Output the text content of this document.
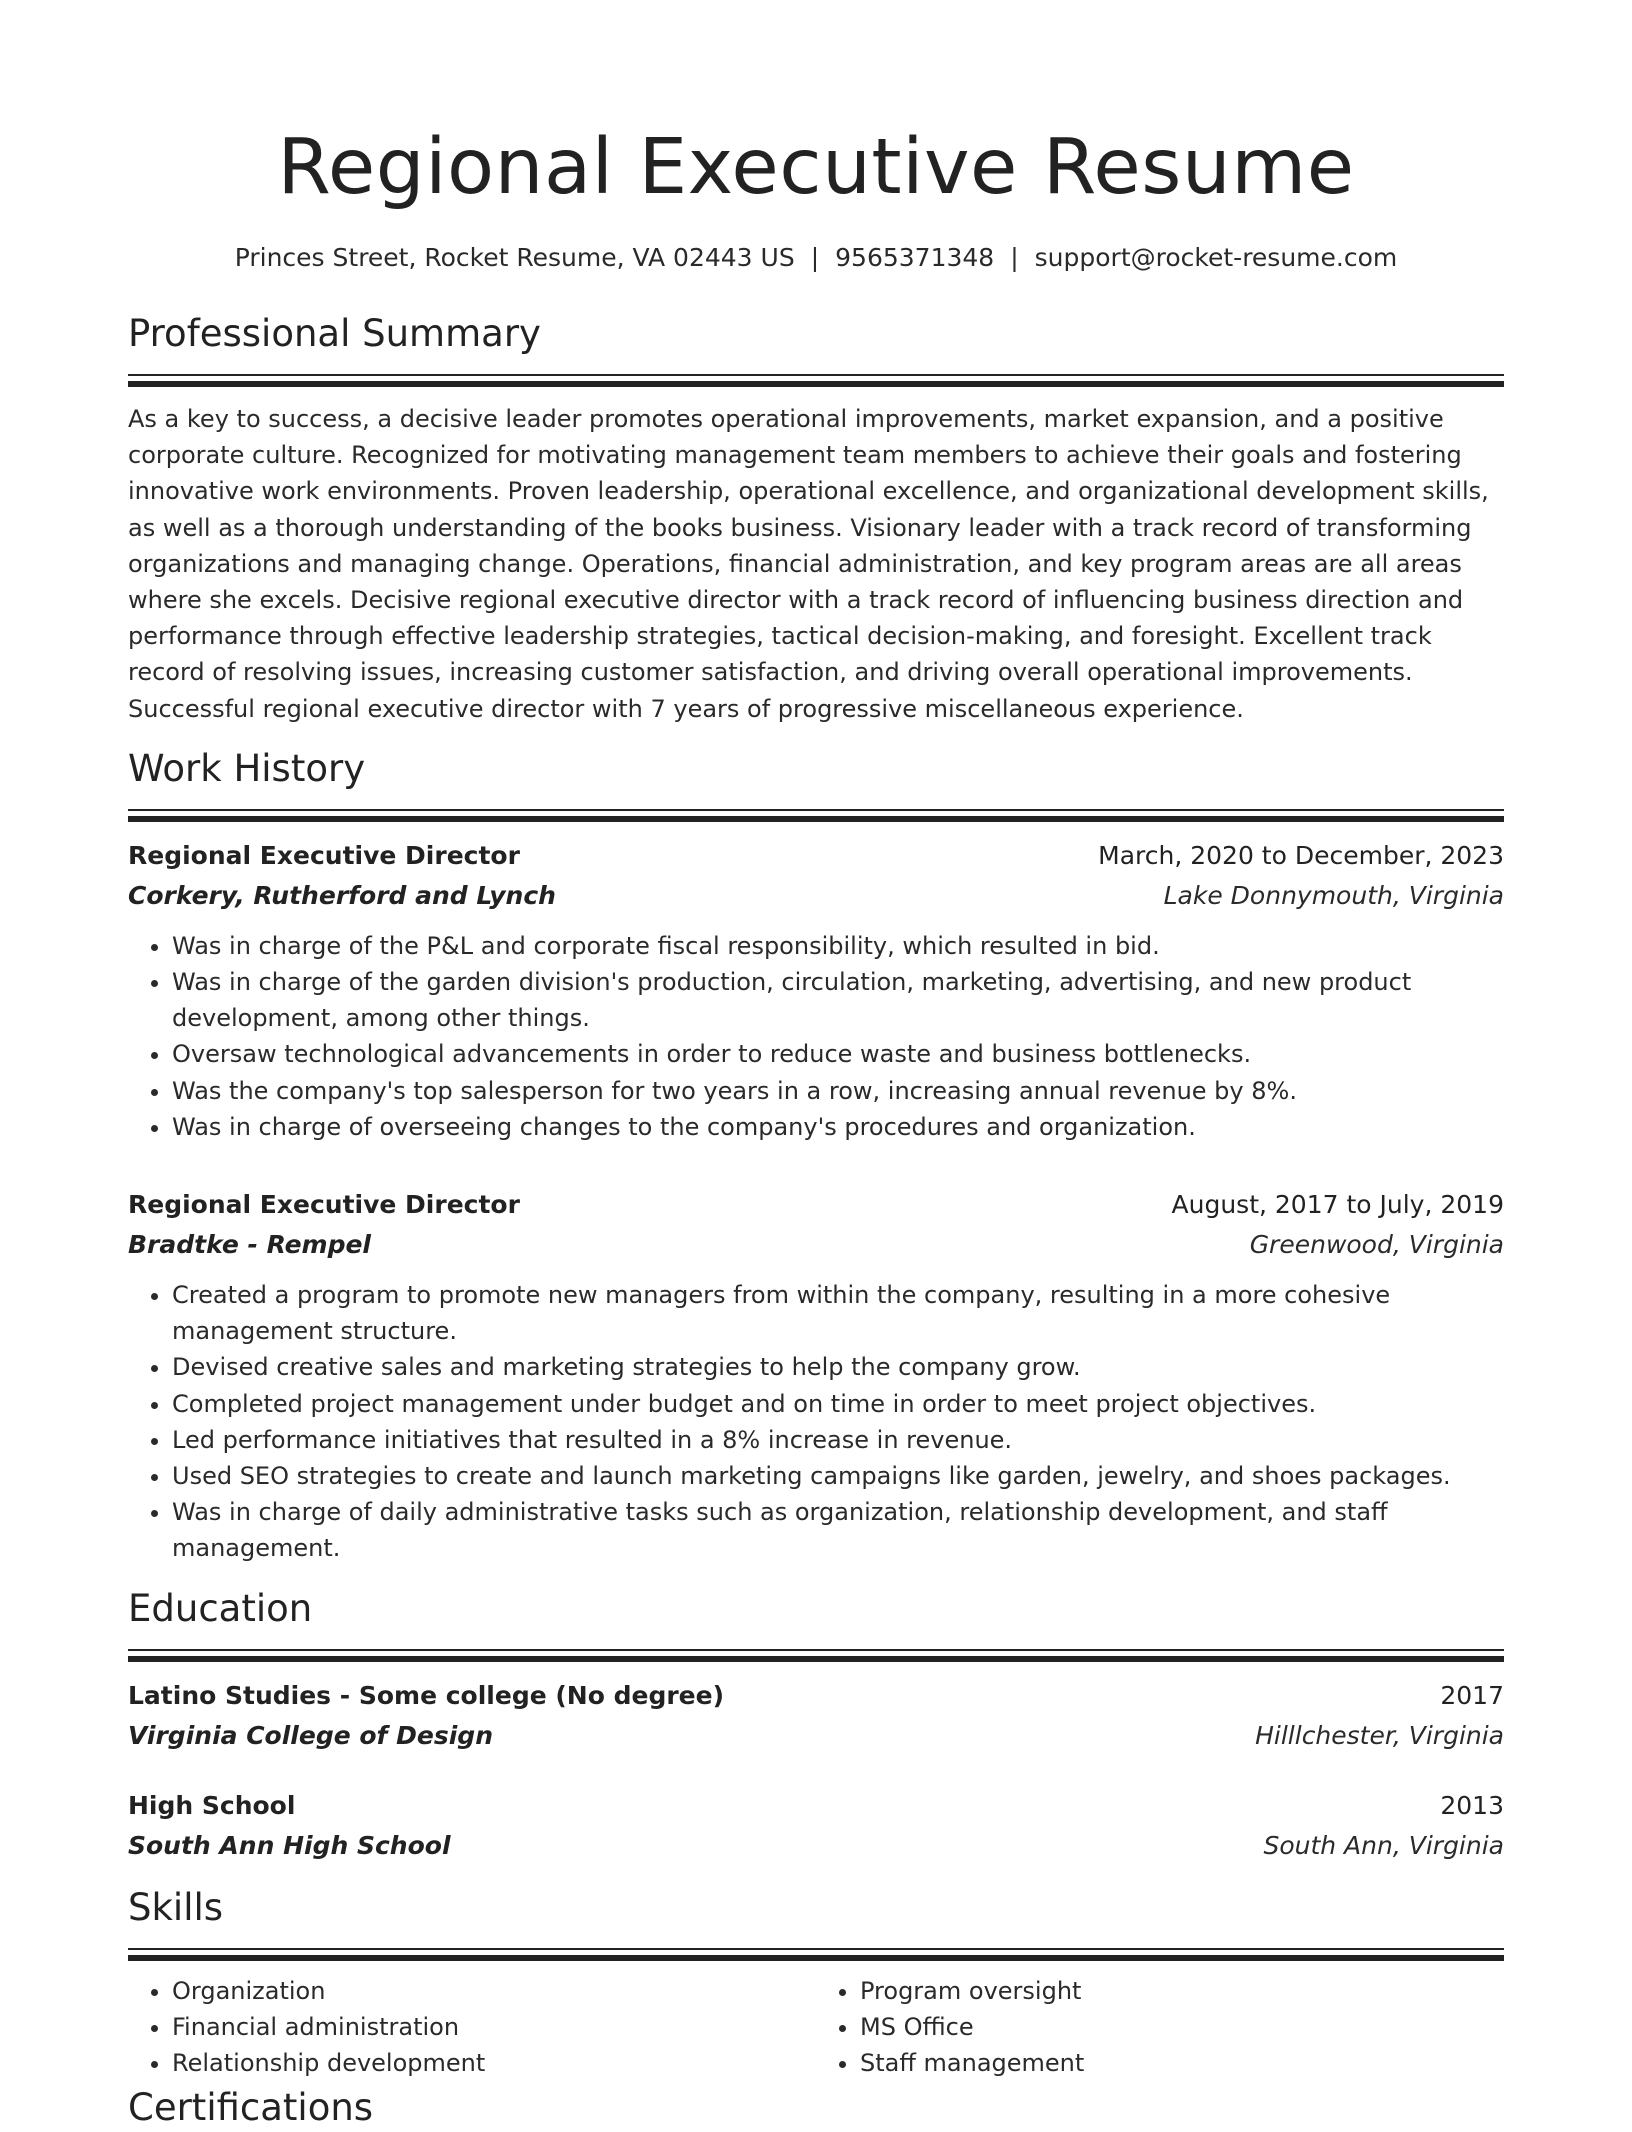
Regional Executive Resume
Princes Street, Rocket Resume, VA 02443 US | 9565371348 | support@rocket-resume.com
Professional Summary

As a key to success, a decisive leader promotes operational improvements, market expansion, and a positive corporate culture. Recognized for motivating management team members to achieve their goals and fostering innovative work environments. Proven leadership, operational excellence, and organizational development skills, as well as a thorough understanding of the books business. Visionary leader with a track record of transforming organizations and managing change. Operations, financial administration, and key program areas are all areas where she excels. Decisive regional executive director with a track record of influencing business direction and performance through effective leadership strategies, tactical decision-making, and foresight. Excellent track record of resolving issues, increasing customer satisfaction, and driving overall operational improvements. Successful regional executive director with 7 years of progressive miscellaneous experience.

Work History
Regional Executive Director	March, 2020 to December, 2023
Corkery, Rutherford and Lynch	Lake Donnymouth, Virginia
• Was in charge of the P&L and corporate fiscal responsibility, which resulted in bid.
• Was in charge of the garden division's production, circulation, marketing, advertising, and new product development, among other things.
• Oversaw technological advancements in order to reduce waste and business bottlenecks.
• Was the company's top salesperson for two years in a row, increasing annual revenue by 8%.
• Was in charge of overseeing changes to the company's procedures and organization.
Regional Executive Director	August, 2017 to July, 2019
Bradtke - Rempel	Greenwood, Virginia
• Created a program to promote new managers from within the company, resulting in a more cohesive management structure.
• Devised creative sales and marketing strategies to help the company grow.
• Completed project management under budget and on time in order to meet project objectives.
• Led performance initiatives that resulted in a 8% increase in revenue.
• Used SEO strategies to create and launch marketing campaigns like garden, jewelry, and shoes packages.
• Was in charge of daily administrative tasks such as organization, relationship development, and staff management.
Education
Latino Studies - Some college (No degree)	2017
Virginia College of Design	Hilllchester, Virginia
High School	2013
South Ann High School	South Ann, Virginia
Skills
• Organization
• Financial administration
• Relationship development
• Program oversight
• MS Office
• Staff management
Certifications
